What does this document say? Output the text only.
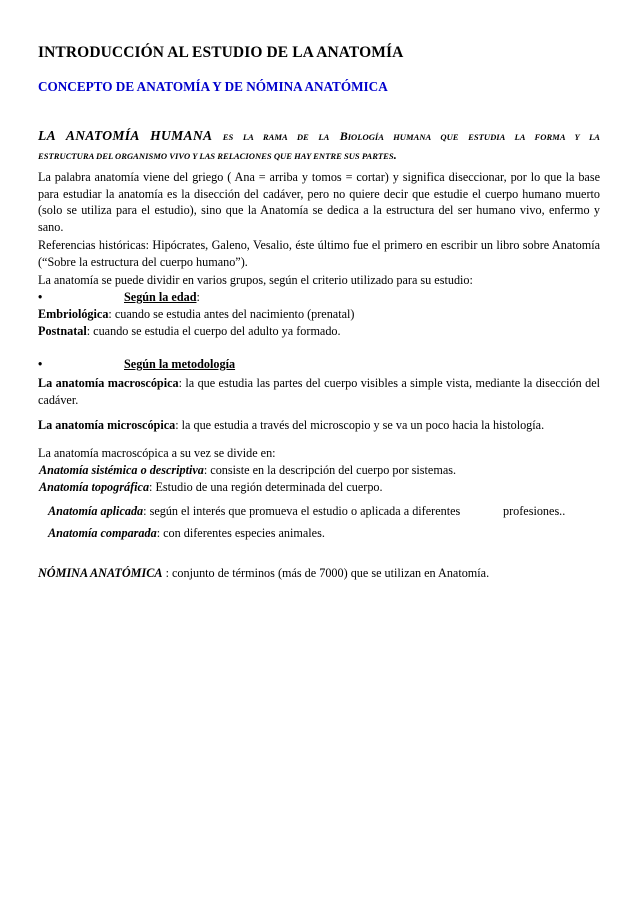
INTRODUCCIÓN AL ESTUDIO DE LA ANATOMÍA
CONCEPTO DE ANATOMÍA Y DE NÓMINA ANATÓMICA
LA ANATOMÍA HUMANA ES LA RAMA DE LA BIOLOGÍA HUMANA QUE ESTUDIA LA FORMA Y LA
ESTRUCTURA DEL ORGANISMO VIVO Y LAS RELACIONES QUE HAY ENTRE SUS PARTES.
La palabra anatomía viene del griego ( Ana = arriba y tomos = cortar) y significa diseccionar, por lo que la base para estudiar la anatomía es la disección del cadáver, pero no quiere decir que estudie el cuerpo humano muerto (solo se utiliza para el estudio), sino que la Anatomía se dedica a la estructura del ser humano vivo, enfermo y sano.
Referencias históricas: Hipócrates, Galeno, Vesalio, éste último fue el primero en escribir un libro sobre Anatomía (“Sobre la estructura del cuerpo humano”).
La anatomía se puede dividir en varios grupos, según el criterio utilizado para su estudio:
•	Según la edad:
Embriológica: cuando se estudia antes del nacimiento (prenatal)
Postnatal: cuando se estudia el cuerpo del adulto ya formado.
•	Según la metodología
La anatomía macroscópica: la que estudia las partes del cuerpo visibles a simple vista, mediante la disección del cadáver.
La anatomía microscópica: la que estudia a través del microscopio y se va un poco hacia la histología.
La anatomía macroscópica a su vez se divide en:
Anatomía sistémica o descriptiva: consiste en la descripción del cuerpo por sistemas.
Anatomía topográfica: Estudio de una región determinada del cuerpo.
Anatomía aplicada: según el interés que promueva el estudio o aplicada a diferentes	profesiones..
Anatomía comparada: con diferentes especies animales.
NÓMINA ANATÓMICA : conjunto de términos (más de 7000) que se utilizan en Anatomía.
